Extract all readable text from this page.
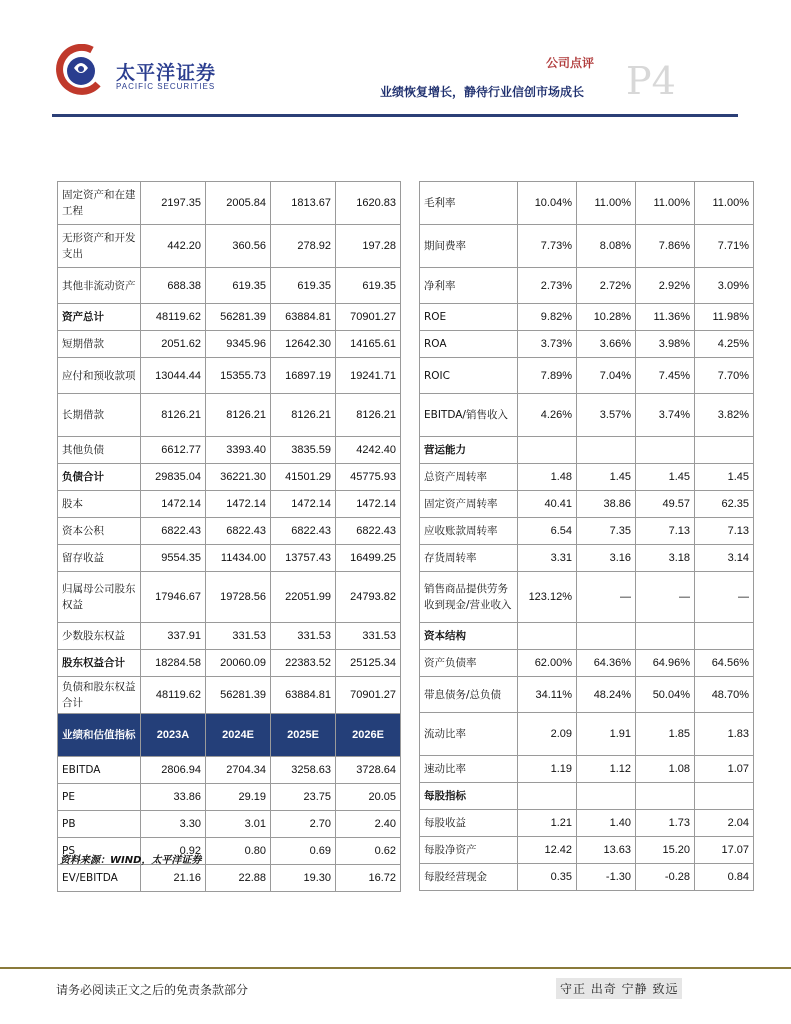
太平洋证券
PACIFIC SECURITIES
公司点评 P4
业绩恢复增长，静待行业信创市场成长
固定资产和在建工程	2197.35	2005.84	1813.67	1620.83
无形资产和开发支出	442.20	360.56	278.92	197.28
其他非流动资产	688.38	619.35	619.35	619.35
资产总计	48119.62	56281.39	63884.81	70901.27
短期借款	2051.62	9345.96	12642.30	14165.61
应付和预收款项	13044.44	15355.73	16897.19	19241.71
长期借款	8126.21	8126.21	8126.21	8126.21
其他负债	6612.77	3393.40	3835.59	4242.40
负债合计	29835.04	36221.30	41501.29	45775.93
股本	1472.14	1472.14	1472.14	1472.14
资本公积	6822.43	6822.43	6822.43	6822.43
留存收益	9554.35	11434.00	13757.43	16499.25
归属母公司股东权益	17946.67	19728.56	22051.99	24793.82
少数股东权益	337.91	331.53	331.53	331.53
股东权益合计	18284.58	20060.09	22383.52	25125.34
负债和股东权益合计	48119.62	56281.39	63884.81	70901.27
业绩和估值指标	2023A	2024E	2025E	2026E
EBITDA	2806.94	2704.34	3258.63	3728.64
PE	33.86	29.19	23.75	20.05
PB	3.30	3.01	2.70	2.40
PS	0.92	0.80	0.69	0.62
EV/EBITDA	21.16	22.88	19.30	16.72
毛利率	10.04%	11.00%	11.00%	11.00%
期间费率	7.73%	8.08%	7.86%	7.71%
净利率	2.73%	2.72%	2.92%	3.09%
ROE	9.82%	10.28%	11.36%	11.98%
ROA	3.73%	3.66%	3.98%	4.25%
ROIC	7.89%	7.04%	7.45%	7.70%
EBITDA/销售收入	4.26%	3.57%	3.74%	3.82%
营运能力				
总资产周转率	1.48	1.45	1.45	1.45
固定资产周转率	40.41	38.86	49.57	62.35
应收账款周转率	6.54	7.35	7.13	7.13
存货周转率	3.31	3.16	3.18	3.14
销售商品提供劳务收到现金/营业收入	123.12%	—	—	—
资本结构				
资产负债率	62.00%	64.36%	64.96%	64.56%
带息债务/总负债	34.11%	48.24%	50.04%	48.70%
流动比率	2.09	1.91	1.85	1.83
速动比率	1.19	1.12	1.08	1.07
每股指标				
每股收益	1.21	1.40	1.73	2.04
每股净资产	12.42	13.63	15.20	17.07
每股经营现金	0.35	-1.30	-0.28	0.84
资料来源：WIND，太平洋证券
请务必阅读正文之后的免责条款部分	守正 出奇 宁静 致远
